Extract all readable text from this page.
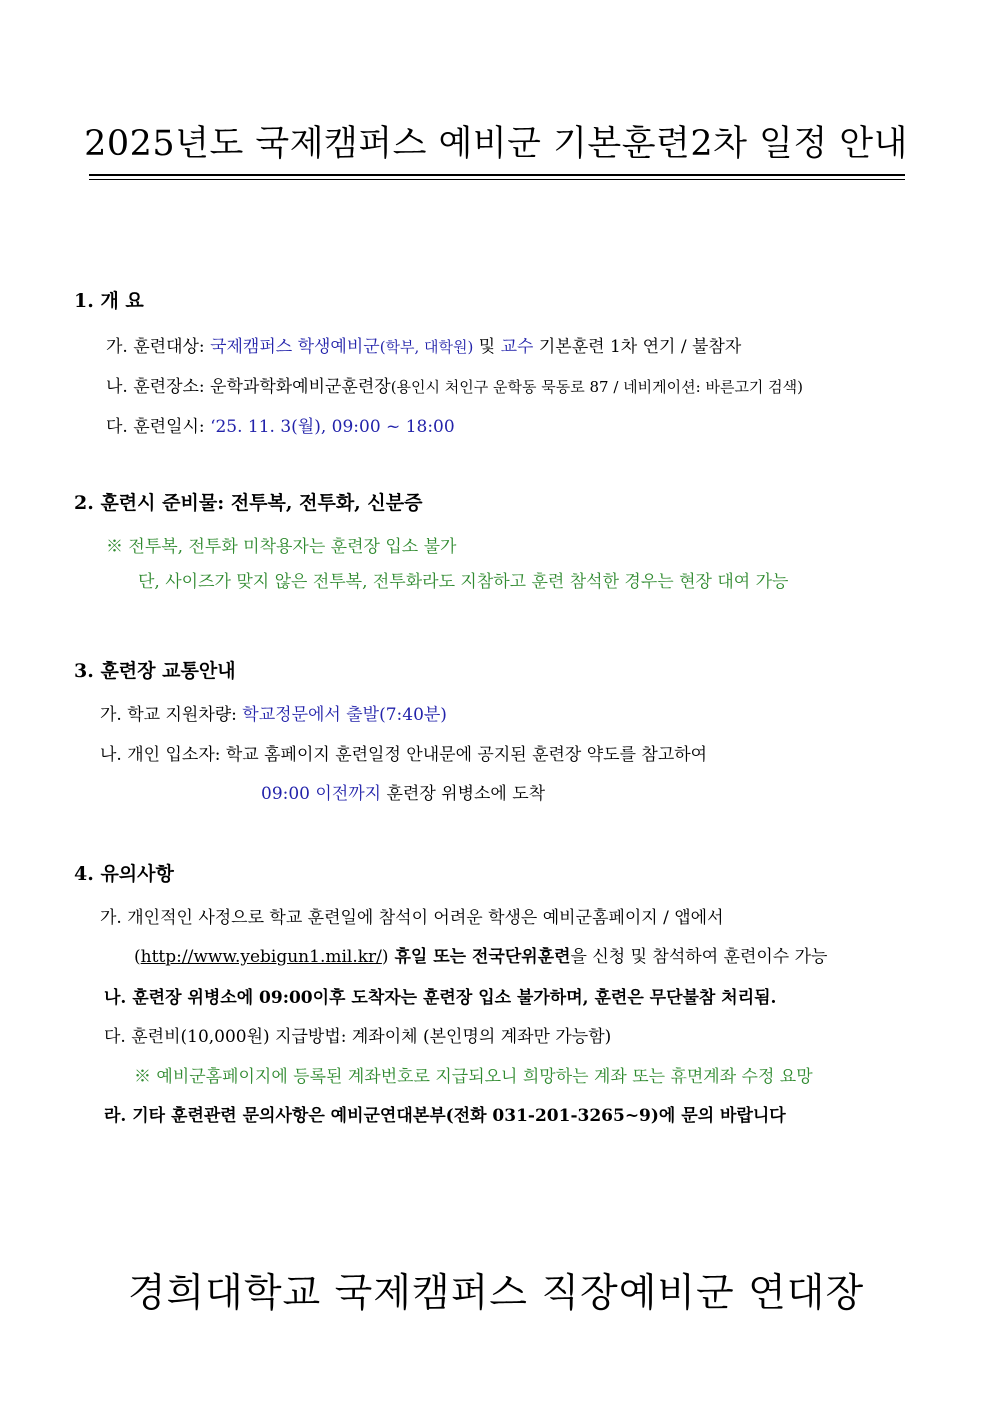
2025년도 국제캠퍼스 예비군 기본훈련2차 일정 안내
1. 개 요
가. 훈련대상: 국제캠퍼스 학생예비군(학부, 대학원) 및 교수 기본훈련 1차 연기 / 불참자
나. 훈련장소: 운학과학화예비군훈련장(용인시 처인구 운학동 묵동로 87 / 네비게이션: 바른고기 검색)
다. 훈련일시: ‘25. 11. 3(월), 09:00 ~ 18:00
2. 훈련시 준비물: 전투복, 전투화, 신분증
※ 전투복, 전투화 미착용자는 훈련장 입소 불가
단, 사이즈가 맞지 않은 전투복, 전투화라도 지참하고 훈련 참석한 경우는 현장 대여 가능
3. 훈련장 교통안내
가. 학교 지원차량: 학교정문에서 출발(7:40분)
나. 개인 입소자: 학교 홈페이지 훈련일정 안내문에 공지된 훈련장 약도를 참고하여
09:00 이전까지 훈련장 위병소에 도착
4. 유의사항
가. 개인적인 사정으로 학교 훈련일에 참석이 어려운 학생은 예비군홈페이지 / 앱에서
(http://www.yebigun1.mil.kr/) 휴일 또는 전국단위훈련을 신청 및 참석하여 훈련이수 가능
나. 훈련장 위병소에 09:00이후 도착자는 훈련장 입소 불가하며, 훈련은 무단불참 처리됨.
다. 훈련비(10,000원) 지급방법: 계좌이체 (본인명의 계좌만 가능함)
※ 예비군홈페이지에 등록된 계좌번호로 지급되오니 희망하는 계좌 또는 휴면계좌 수정 요망
라. 기타 훈련관련 문의사항은 예비군연대본부(전화 031-201-3265~9)에 문의 바랍니다
경희대학교 국제캠퍼스 직장예비군 연대장
